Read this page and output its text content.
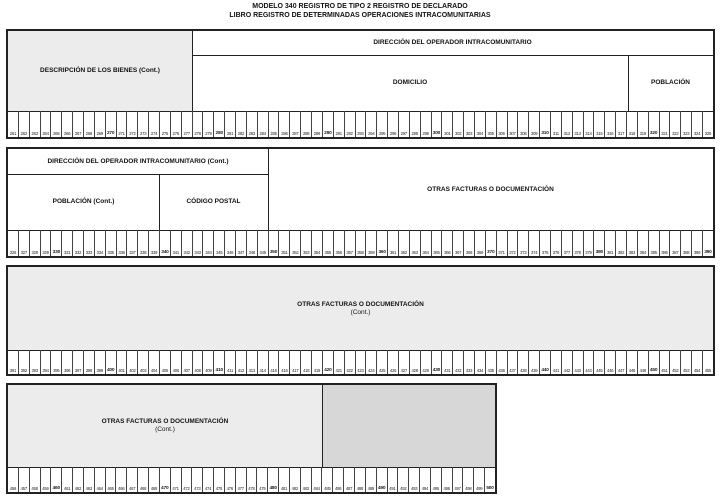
MODELO 340 REGISTRO DE TIPO 2 REGISTRO DE DECLARADO
LIBRO REGISTRO DE DETERMINADAS OPERACIONES INTRACOMUNITARIAS
DESCRIPCIÓN DE LOS BIENES (Cont.)
DIRECCIÓN DEL OPERADOR INTRACOMUNITARIO
DOMICILIO	POBLACIÓN
261	262	263	264	265	266	267	268	269 270 271	272	273	274	275	276	277	278	279 280 281	282	283	284	285	286	287	288	289 290 291	292	293	294	295	296	297	298	299 300 301	302	303	304	305	306	307	308	309 310 311	312	313	314	315	316	317	318	319 320 321	322	323	324	325
DIRECCIÓN DEL OPERADOR INTRACOMUNITARIO (Cont.)
POBLACIÓN (Cont.)	CÓDIGO POSTAL
OTRAS FACTURAS O DOCUMENTACIÓN
326	327	328	329 330 331	332	333	334	335	336	337	338	339 340 341	342	343	344	345	346	347	348	349 350 351	352	353	354	355	356	357	358	359 360 361	362	363	364	365	366	367	368	369 370 371	372	373	374	375	376	377	378	379 380 381	382	383	384	385	386	387	388	389 390
OTRAS FACTURAS O DOCUMENTACIÓN
(Cont.)
391	392	393	394	395	396	397	398	399 400 401	402	403	404	405	406	407	408	409 410 411	412	413	414	415	416	417	418	419 420 421	422	423	424	425	426	427	428	429 430 431	432	433	434	435	436	437	438	439 440 441	442	443	444	445	446	447	448	449 450 451	452	453	454	455
OTRAS FACTURAS O DOCUMENTACIÓN
(Cont.)
456	457	458	459 460 461	462	463	464	465	466	467	468	469 470 471	472	473	474	475	476	477	478	479 480 481	482	483	484	485	486	487	488	489 490 491	492	493	494	495	496	497	498	499 500
